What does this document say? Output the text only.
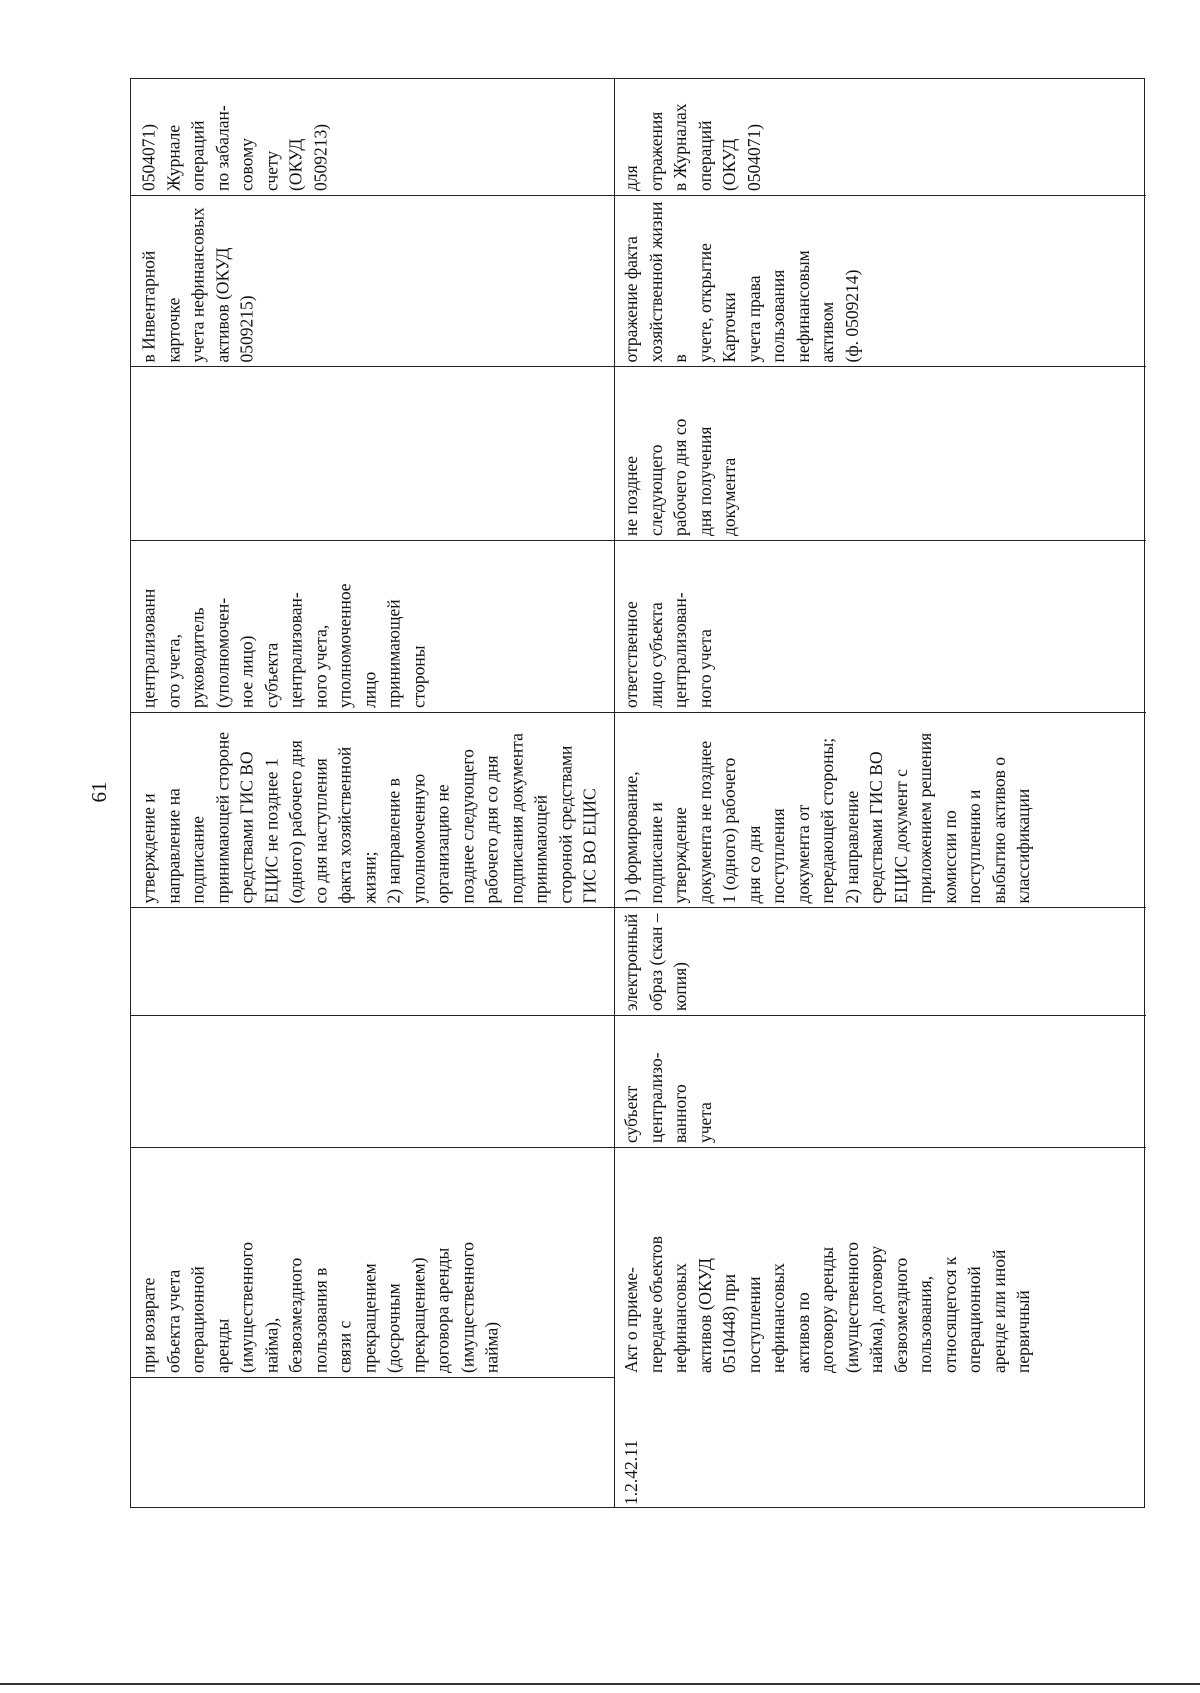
61
при возврате
объекта учета
операционной
аренды
(имущественного
найма),
безвозмездного
пользования в
связи с
прекращением
(досрочным
прекращением)
договора аренды
(имущественного
найма)
утверждение и
направление на
подписание
принимающей стороне
средствами ГИС ВО
ЕЦИС не позднее 1
(одного) рабочего дня
со дня наступления
факта хозяйственной
жизни;
2) направление в
уполномоченную
организацию не
позднее следующего
рабочего дня со дня
подписания документа
принимающей
стороной средствами
ГИС ВО ЕЦИС
централизованн
ого учета,
руководитель
(уполномочен-
ное лицо)
субъекта
централизован-
ного учета,
уполномоченное
лицо
принимающей
стороны
в Инвентарной карточке
учета нефинансовых
активов (ОКУД 0509215)
0504071)
Журнале
операций
по забалан-
совому
счету
(ОКУД
0509213)
1.2.42.11
Акт о приеме-
передаче объектов
нефинансовых
активов (ОКУД
0510448) при
поступлении
нефинансовых
активов по
договору аренды
(имущественного
найма), договору
безвозмездного
пользования,
относящегося к
операционной
аренде или иной
первичный
субъект
централизо-
ванного
учета
электронный
образ (скан –
копия)
1) формирование,
подписание и
утверждение
документа не позднее
1 (одного) рабочего
дня со дня
поступления
документа от
передающей стороны;
2) направление
средствами ГИС ВО
ЕЦИС документ с
приложением решения
комиссии по
поступлению и
выбытию активов о
классификации
ответственное
лицо субъекта
централизован-
ного учета
не позднее
следующего
рабочего дня со
дня получения
документа
отражение факта
хозяйственной жизни в
учете, открытие Карточки
учета права пользования
нефинансовым активом
(ф. 0509214)
для
отражения
в Журналах
операций
(ОКУД
0504071)
